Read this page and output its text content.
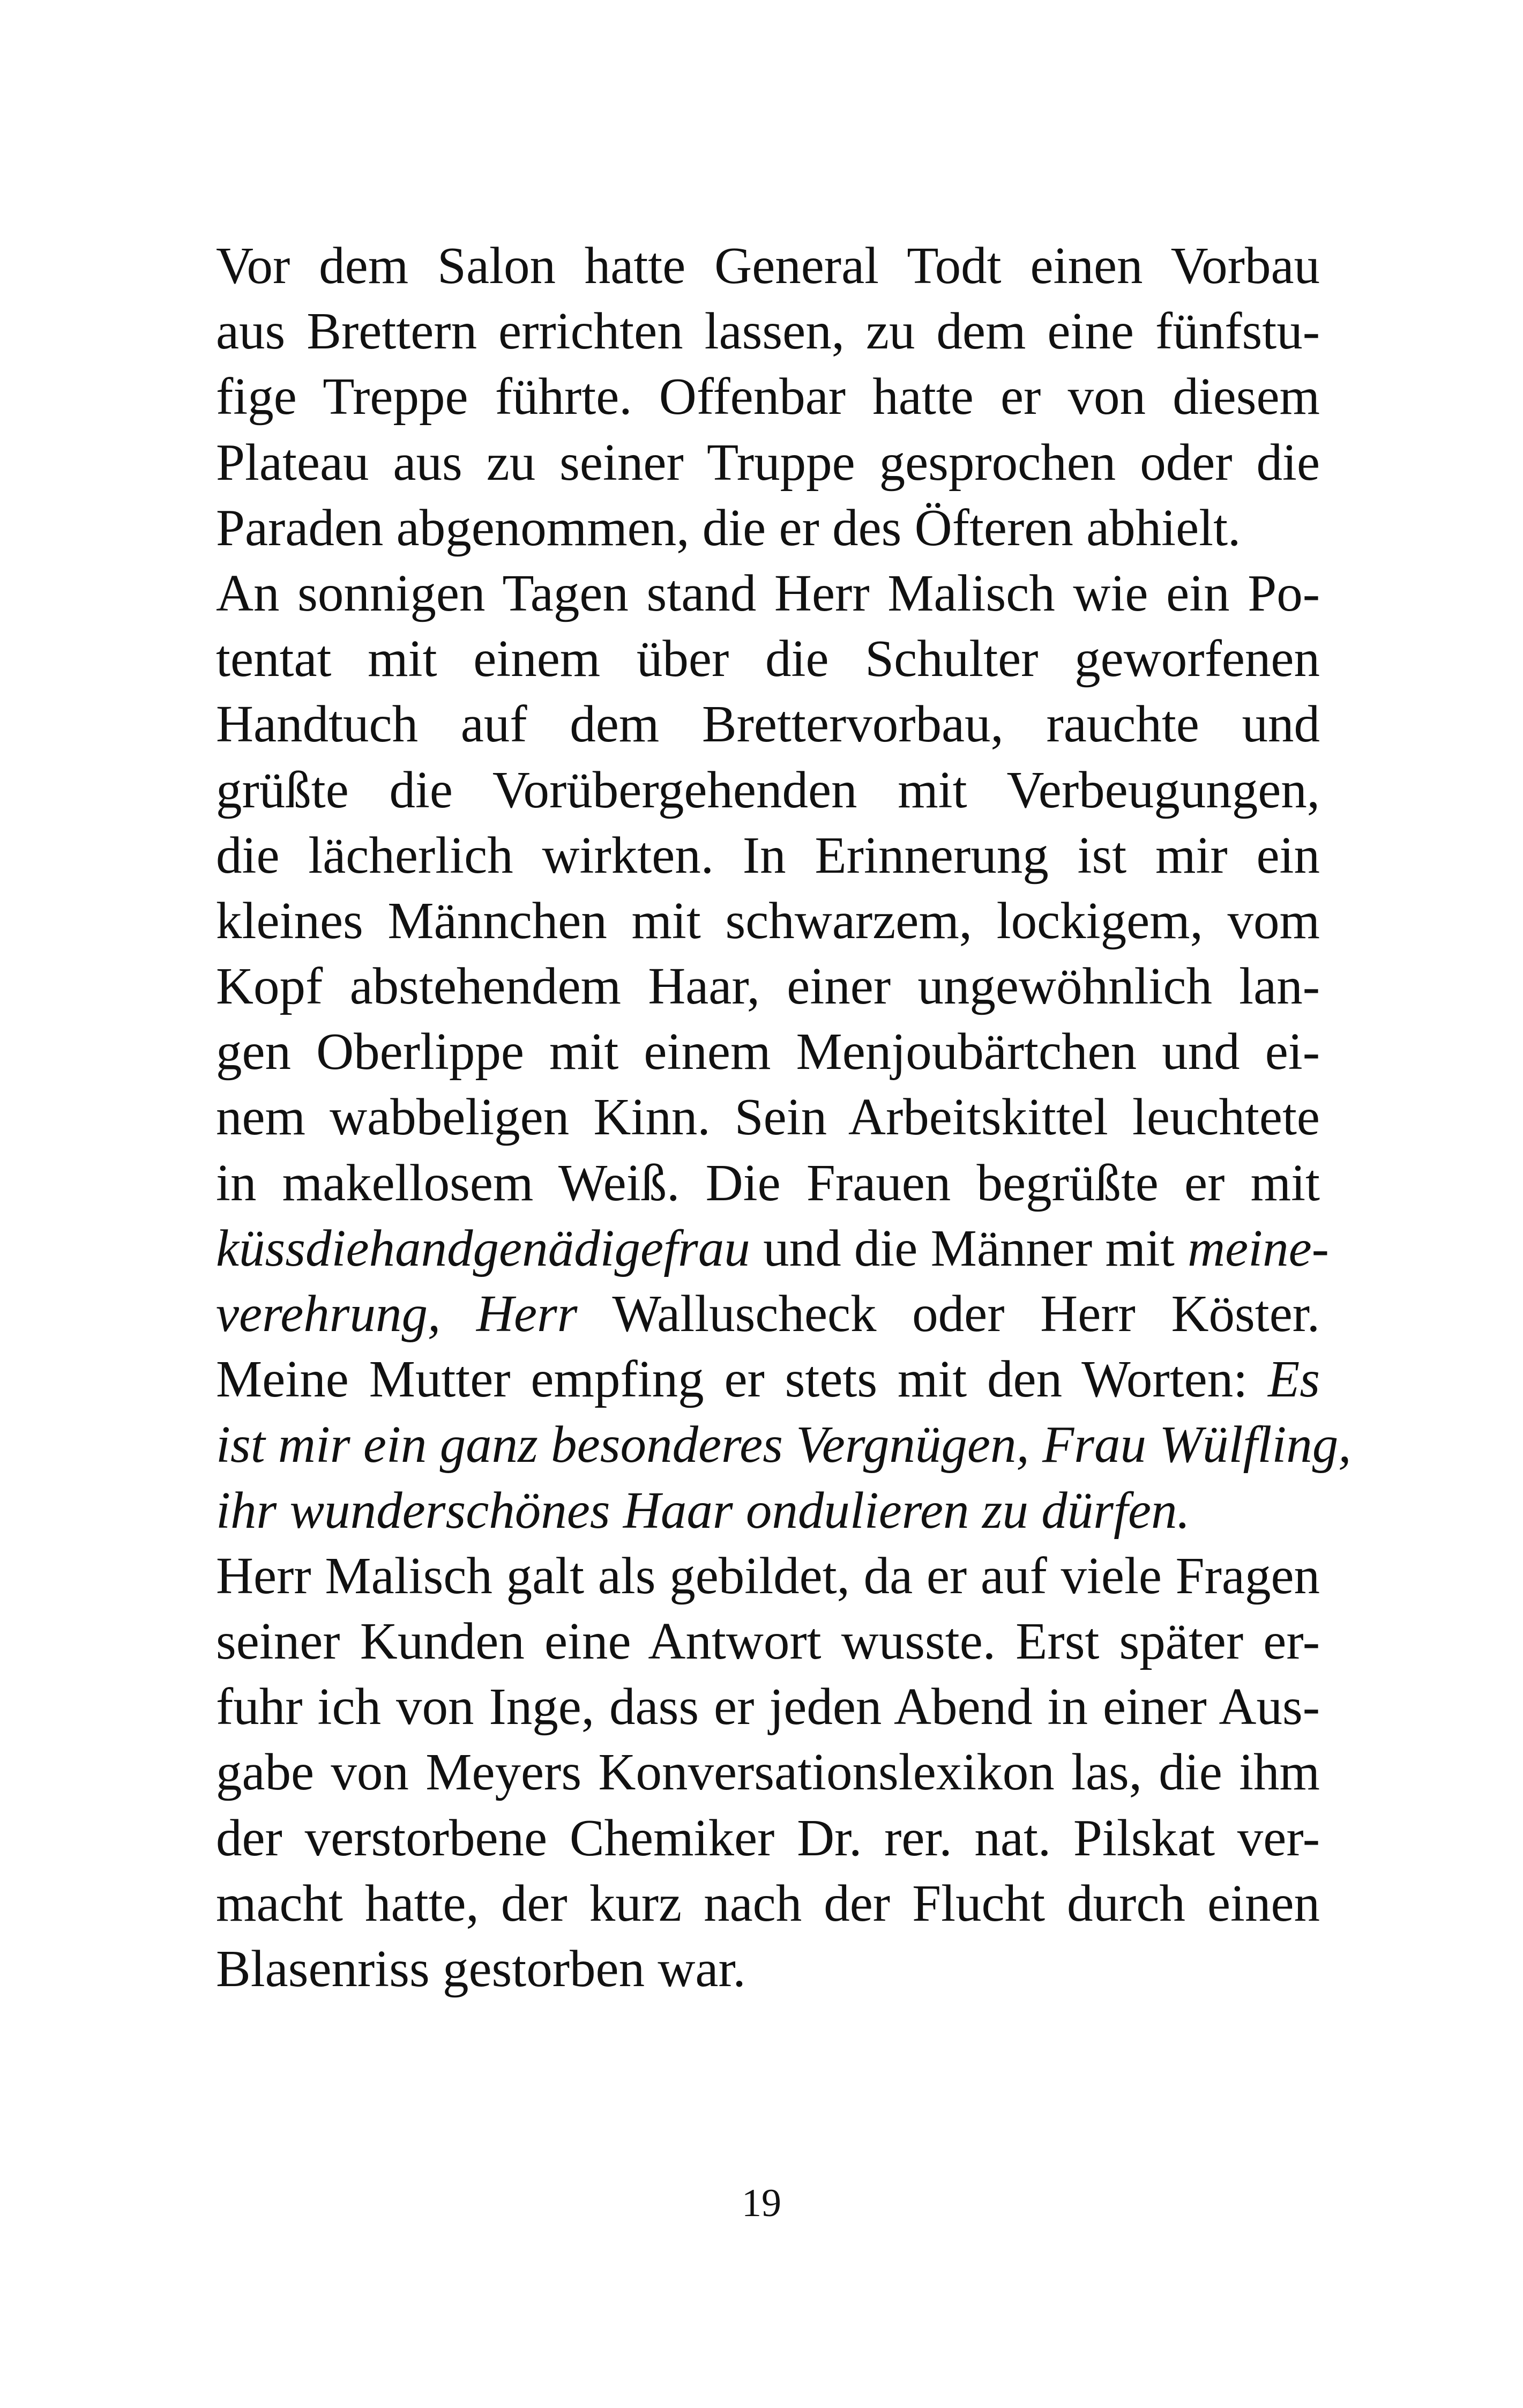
Vor dem Salon hatte General Todt einen Vorbau
aus Brettern errichten lassen, zu dem eine fünfstu-
fige Treppe führte. Offenbar hatte er von diesem
Plateau aus zu seiner Truppe gesprochen oder die
Paraden abgenommen, die er des Öfteren abhielt.
An sonnigen Tagen stand Herr Malisch wie ein Po-
tentat mit einem über die Schulter geworfenen
Handtuch auf dem Brettervorbau, rauchte und
grüßte die Vorübergehenden mit Verbeugungen,
die lächerlich wirkten. In Erinnerung ist mir ein
kleines Männchen mit schwarzem, lockigem, vom
Kopf abstehendem Haar, einer ungewöhnlich lan-
gen Oberlippe mit einem Menjoubärtchen und ei-
nem wabbeligen Kinn. Sein Arbeitskittel leuchtete
in makellosem Weiß. Die Frauen begrüßte er mit
küssdiehandgenädigefrau und die Männer mit meine-
verehrung, Herr Walluscheck oder Herr Köster.
Meine Mutter empfing er stets mit den Worten: Es
ist mir ein ganz besonderes Vergnügen, Frau Wülfling,
ihr wunderschönes Haar ondulieren zu dürfen.
Herr Malisch galt als gebildet, da er auf viele Fragen
seiner Kunden eine Antwort wusste. Erst später er-
fuhr ich von Inge, dass er jeden Abend in einer Aus-
gabe von Meyers Konversationslexikon las, die ihm
der verstorbene Chemiker Dr. rer. nat. Pilskat ver-
macht hatte, der kurz nach der Flucht durch einen
Blasenriss gestorben war.
19
